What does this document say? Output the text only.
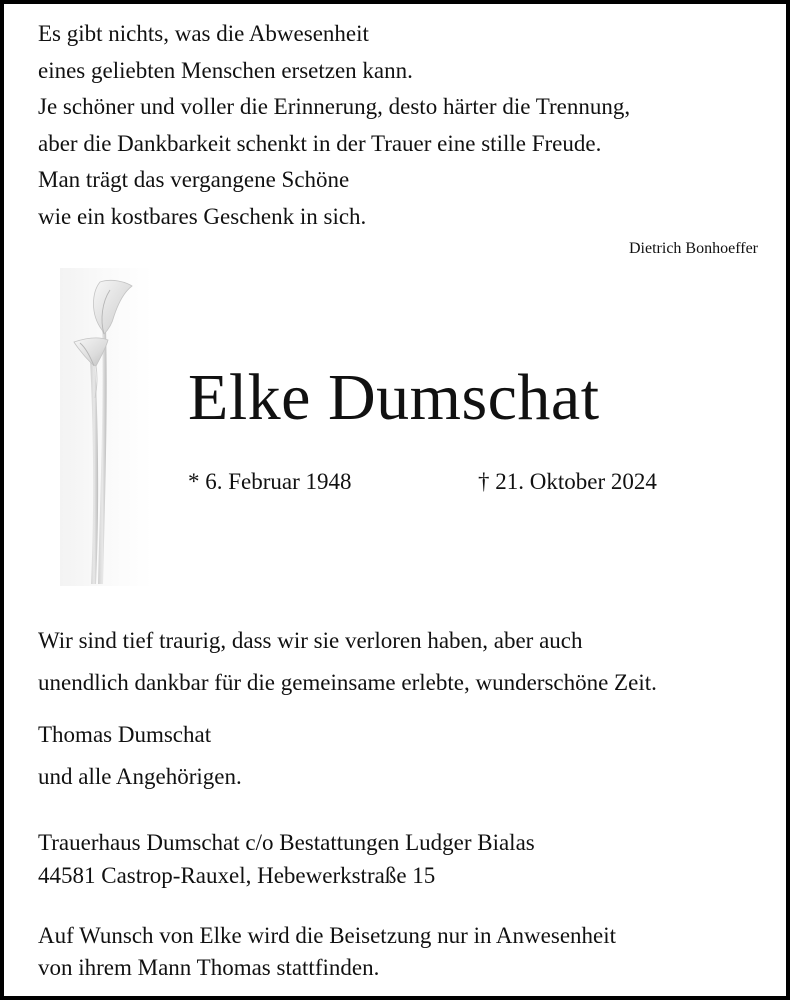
Es gibt nichts, was die Abwesenheit
eines geliebten Menschen ersetzen kann.
Je schöner und voller die Erinnerung, desto härter die Trennung,
aber die Dankbarkeit schenkt in der Trauer eine stille Freude.
Man trägt das vergangene Schöne
wie ein kostbares Geschenk in sich.
Dietrich Bonhoeffer
Elke Dumschat
* 6. Februar 1948	† 21. Oktober 2024
Wir sind tief traurig, dass wir sie verloren haben, aber auch
unendlich dankbar für die gemeinsame erlebte, wunderschöne Zeit.
Thomas Dumschat
und alle Angehörigen.
Trauerhaus Dumschat c/o Bestattungen Ludger Bialas
44581 Castrop-Rauxel, Hebewerkstraße 15
Auf Wunsch von Elke wird die Beisetzung nur in Anwesenheit
von ihrem Mann Thomas stattfinden.
